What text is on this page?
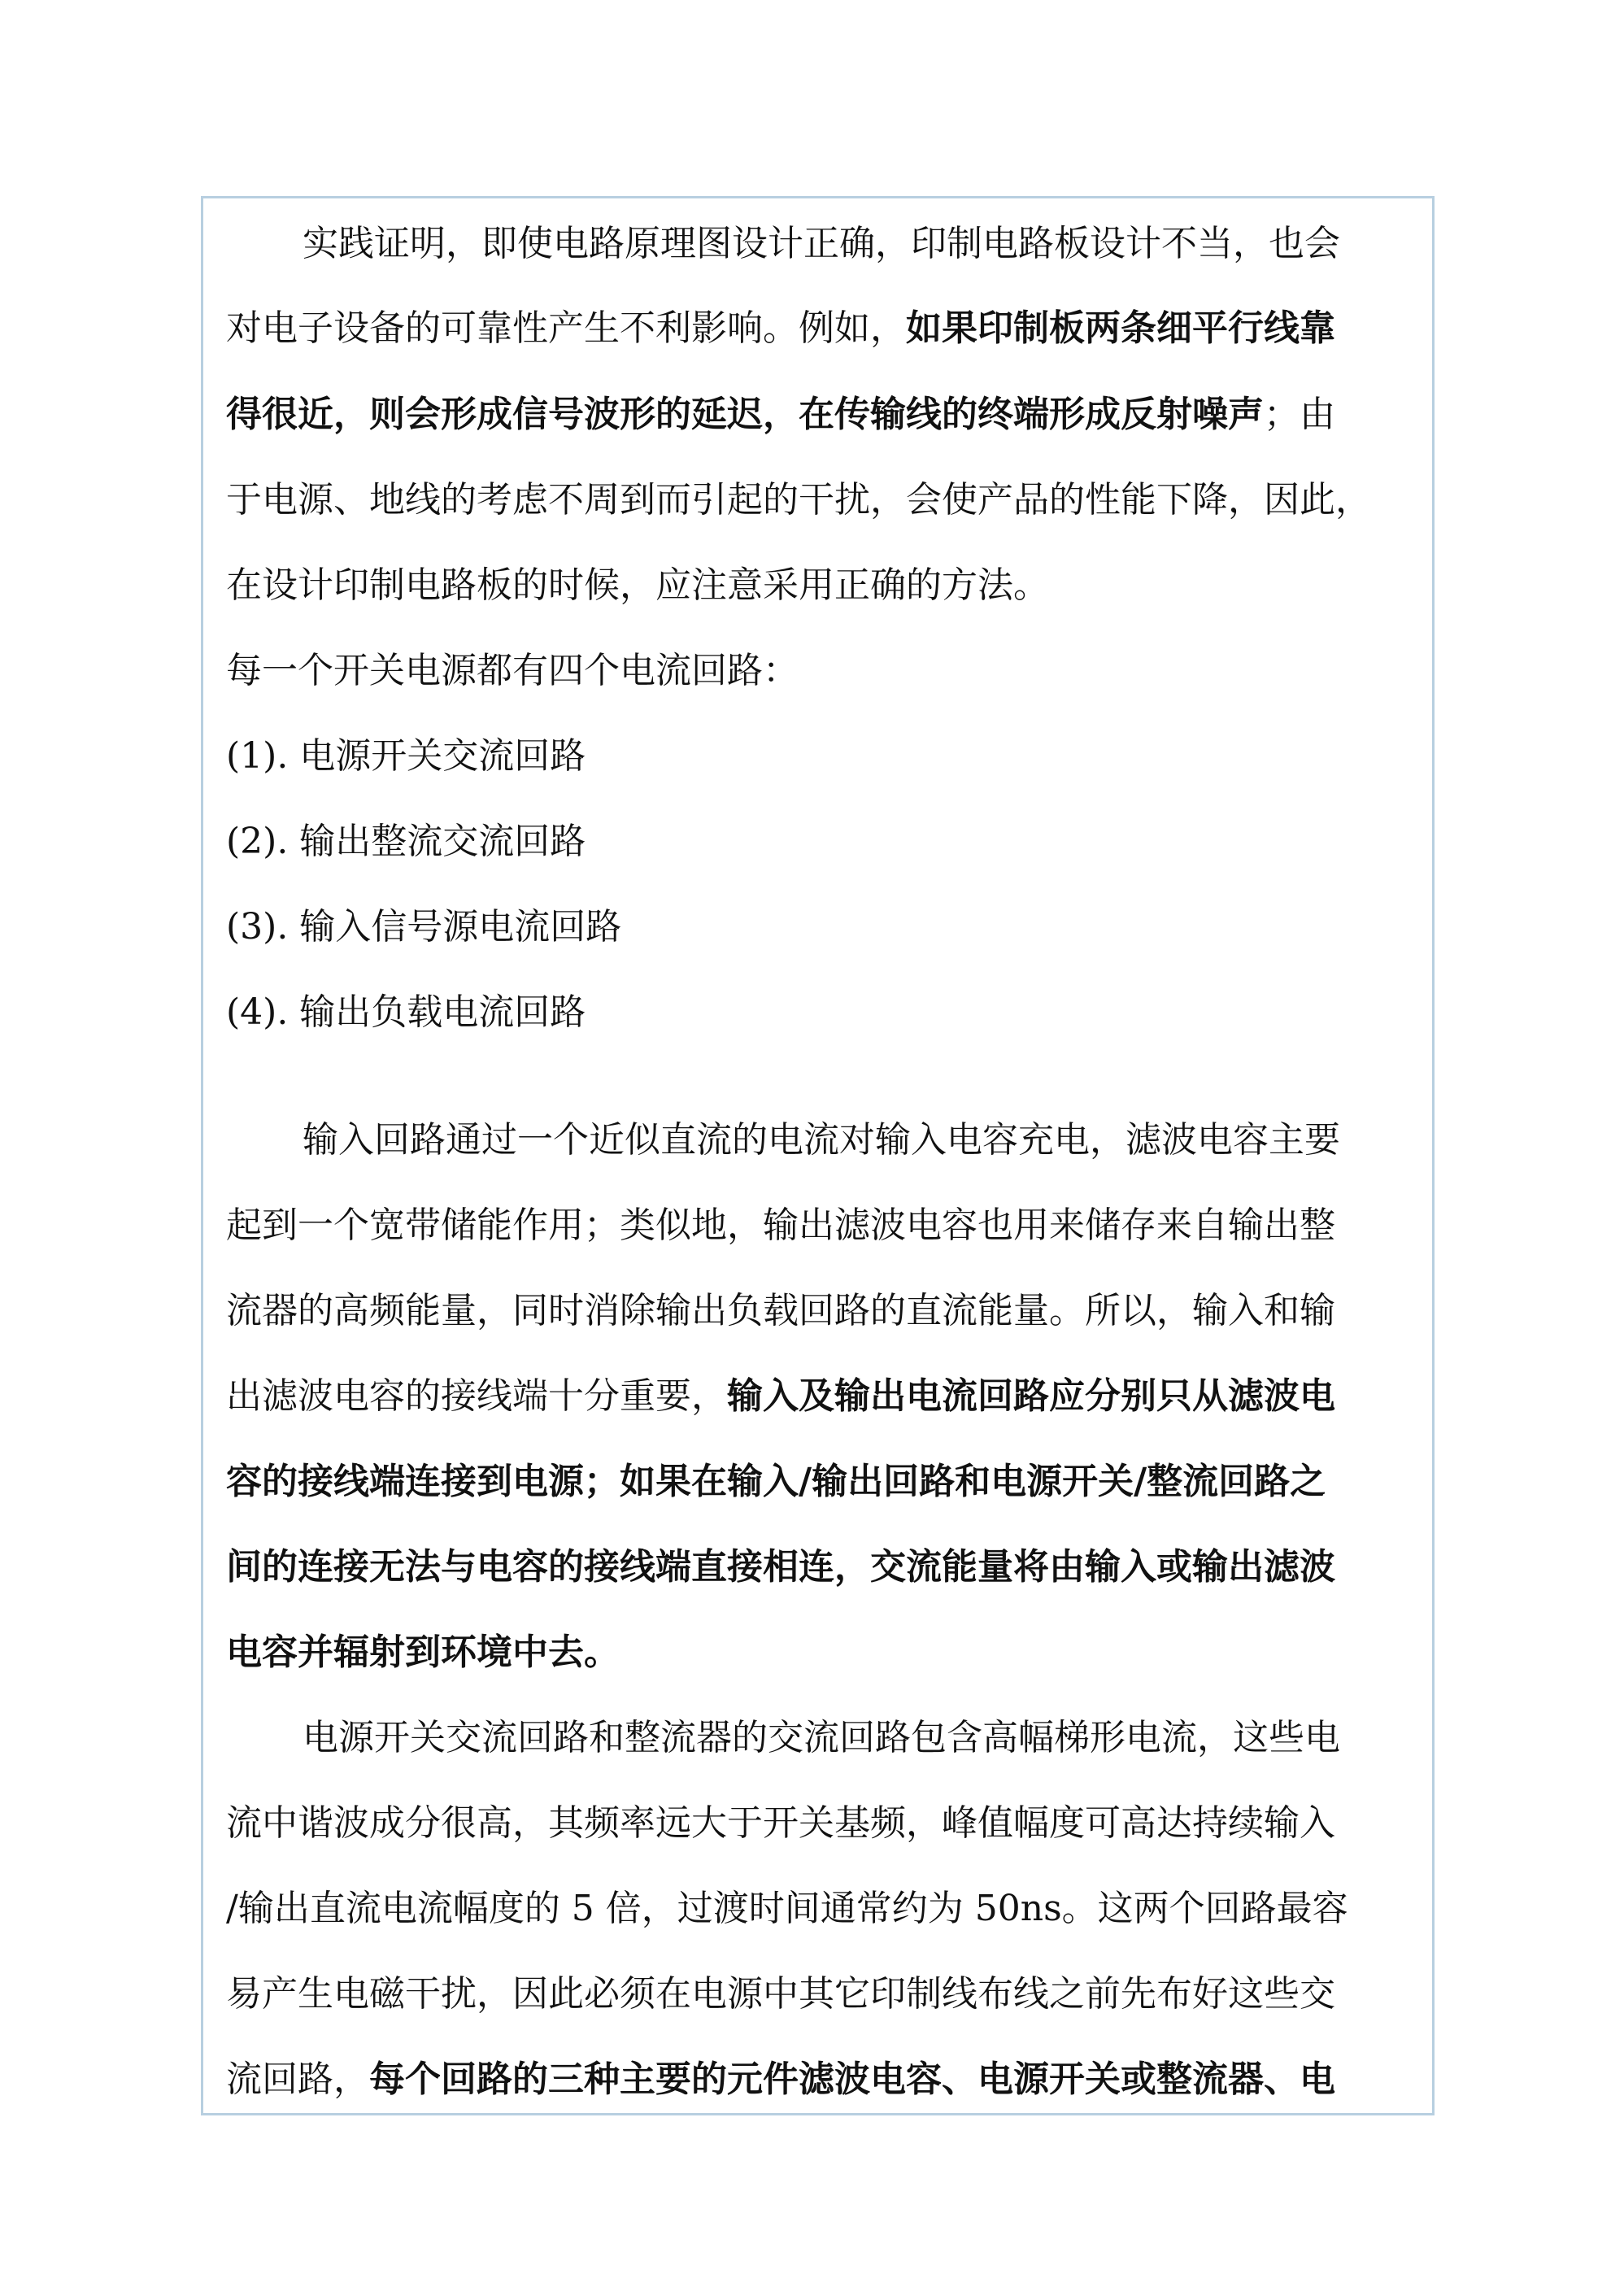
实践证明，即使电路原理图设计正确，印制电路板设计不当，也会
对电子设备的可靠性产生不利影响。例如，如果印制板两条细平行线靠
得很近，则会形成信号波形的延迟，在传输线的终端形成反射噪声；由
于电源、地线的考虑不周到而引起的干扰，会使产品的性能下降，因此，
在设计印制电路板的时候，应注意采用正确的方法。
每一个开关电源都有四个电流回路：
(1). 电源开关交流回路
(2). 输出整流交流回路
(3). 输入信号源电流回路
(4). 输出负载电流回路
输入回路通过一个近似直流的电流对输入电容充电，滤波电容主要
起到一个宽带储能作用；类似地，输出滤波电容也用来储存来自输出整
流器的高频能量，同时消除输出负载回路的直流能量。所以，输入和输
出滤波电容的接线端十分重要，输入及输出电流回路应分别只从滤波电
容的接线端连接到电源；如果在输入/输出回路和电源开关/整流回路之
间的连接无法与电容的接线端直接相连，交流能量将由输入或输出滤波
电容并辐射到环境中去。
电源开关交流回路和整流器的交流回路包含高幅梯形电流，这些电
流中谐波成分很高，其频率远大于开关基频，峰值幅度可高达持续输入
/输出直流电流幅度的 5 倍，过渡时间通常约为 50ns。这两个回路最容
易产生电磁干扰，因此必须在电源中其它印制线布线之前先布好这些交
流回路，每个回路的三种主要的元件滤波电容、电源开关或整流器、电
